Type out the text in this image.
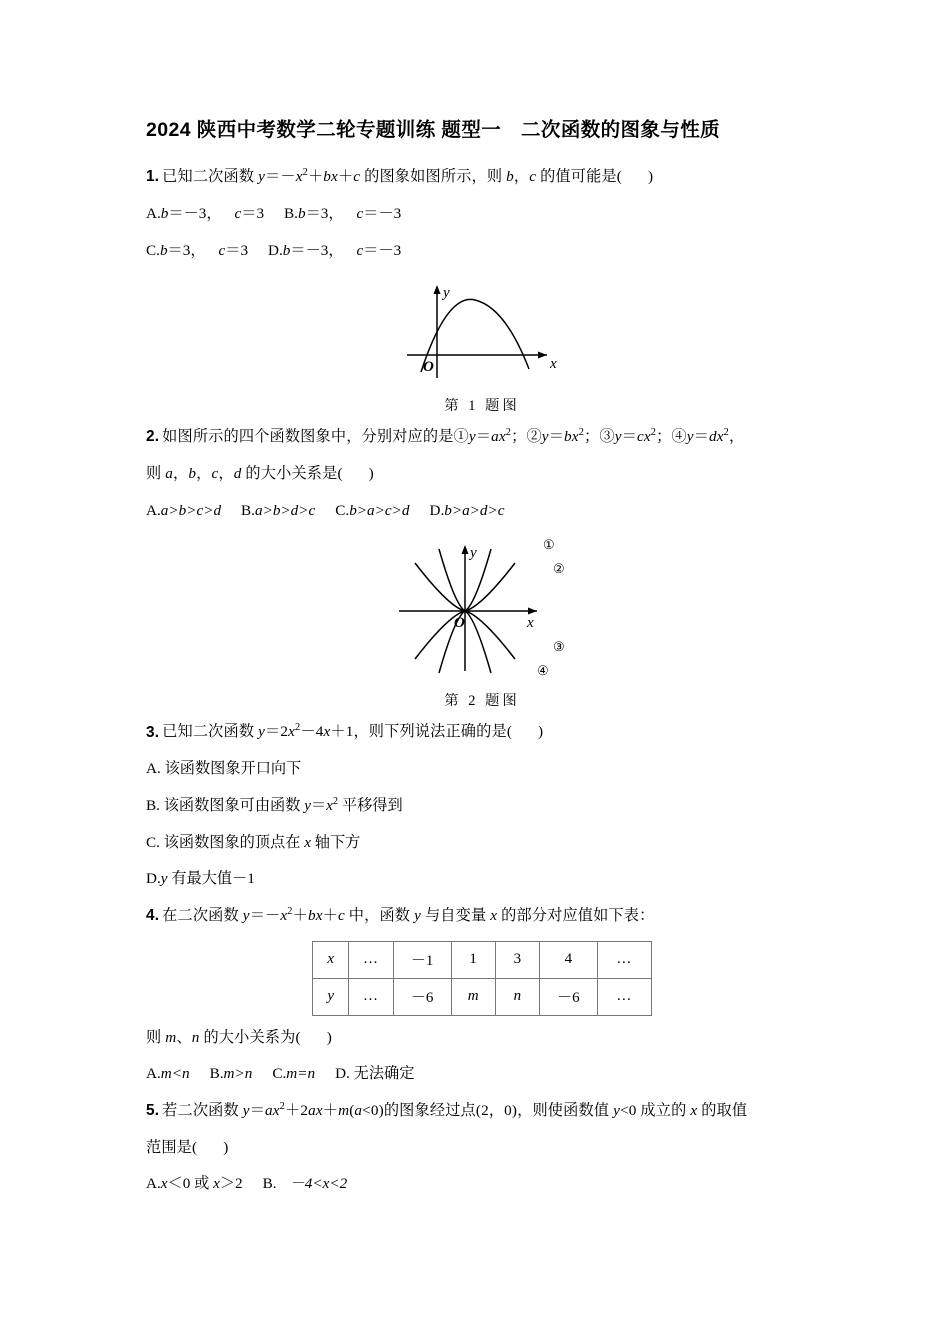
2024 陕西中考数学二轮专题训练 题型一　二次函数的图象与性质
1. 已知二次函数 $y=-x^2+bx+c$ 的图象如图所示，则 b，c 的值可能是( )
A.b＝－3， c＝3 B.b＝3， c＝－3
C.b＝3， c＝3 D.b＝－3， c＝－3
y
x
O
第 1 题图
2. 如图所示的四个函数图象中，分别对应的是$①y=ax^2$；$②y=bx^2$；$③y=cx^2$；$④y=dx^2$，
则 a，b，c，d 的大小关系是( )
A.a>b>c>d B.a>b>d>c C.b>a>c>d D.b>a>d>c
y
x
O
①
②
③
④
第 2 题图
3. 已知二次函数 $y=2x^2-4x+1$，则下列说法正确的是( )
A. 该函数图象开口向下
B. 该函数图象可由函数 $y=x^2$ 平移得到
C. 该函数图象的顶点在 x 轴下方
D.y 有最大值－1
4. 在二次函数 $y=-x^2+bx+c$ 中，函数 y 与自变量 x 的部分对应值如下表：
x	…	－1	1	3	4	…
y	…	－6	m	n	－6	…
则 m、n 的大小关系为( )
A.m<n B.m>n C.m=n D. 无法确定
5. 若二次函数 $y=ax^2+2ax+m(a<0)$的图象经过点(2，0)，则使函数值 y<0 成立的 x 的取值
范围是( )
A.x＜0 或 x＞2 B. －4<x<2
